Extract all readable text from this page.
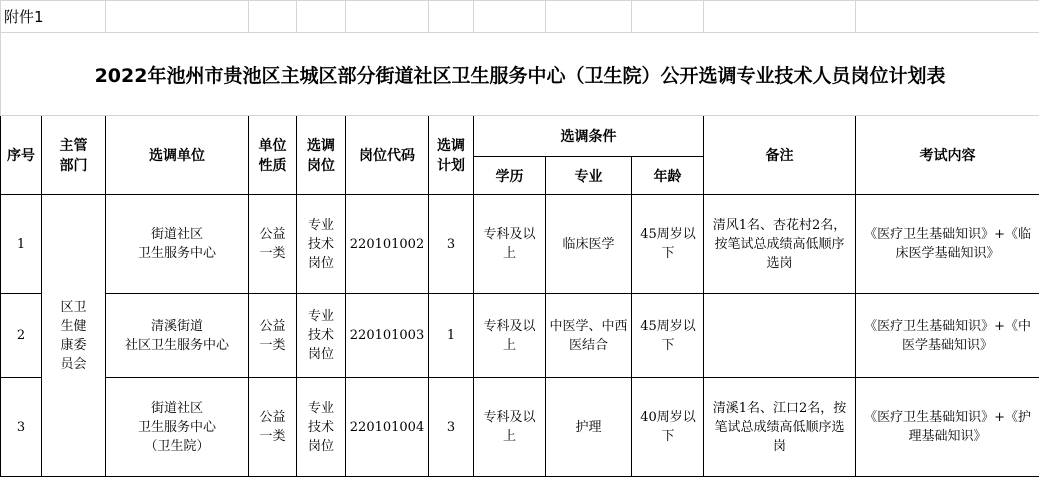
附件1											
2022年池州市贵池区主城区部分街道社区卫生服务中心（卫生院）公开选调专业技术人员岗位计划表											
序号	主管部门	选调单位	单位性质	选调岗位	岗位代码	选调计划	选调条件			备注	考试内容
							学历	专业	年龄		
1	区卫生健康委员会	街道社区
卫生服务中心	公益一类	专业技术岗位	220101002	3	专科及以上	临床医学	45周岁以下	清风1名、杏花村2名，按笔试总成绩高低顺序选岗	《医疗卫生基础知识》+《临床医学基础知识》
2		清溪街道
社区卫生服务中心	公益一类	专业技术岗位	220101003	1	专科及以上	中医学、中西医结合	45周岁以下		《医疗卫生基础知识》+《中医学基础知识》
3		街道社区
卫生服务中心
（卫生院）	公益一类	专业技术岗位	220101004	3	专科及以上	护理	40周岁以下	清溪1名、江口2名，按笔试总成绩高低顺序选岗	《医疗卫生基础知识》+《护理基础知识》
